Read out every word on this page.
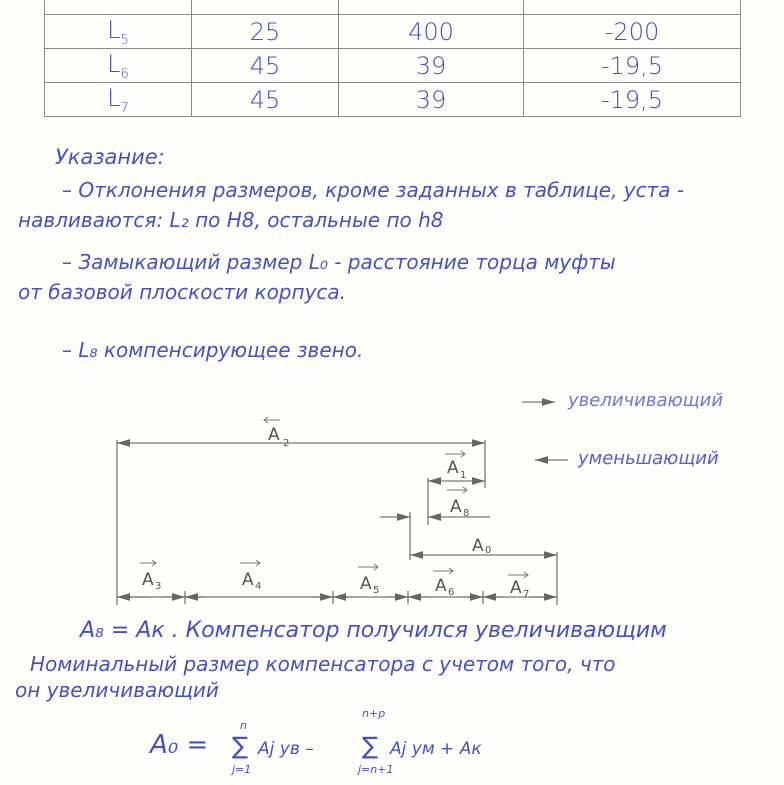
$L_5$	25	400	-200
$L_6$	45	39	-19,5
$L_7$	45	39	-19,5
Указание:
– Отклонения размеров, кроме заданных в таблице, уста -
навливаются: L₂ по H8, остальные по h8
– Замыкающий размер L₀ - расстояние торца муфты
от базовой плоскости корпуса.
– L₈ компенсирующее звено.
A 2
A 1
A 8
A 0
A 3	A 4	A 5	A 6	A 7
увеличивающий
уменьшающий
A₈ = Aк . Компенсатор получился увеличивающим
Номинальный размер компенсатора с учетом того, что
он увеличивающий
A₀ = ∑
n
j=1
Aj ув – ∑
n+p
j=n+1
Aj ум + Aк
